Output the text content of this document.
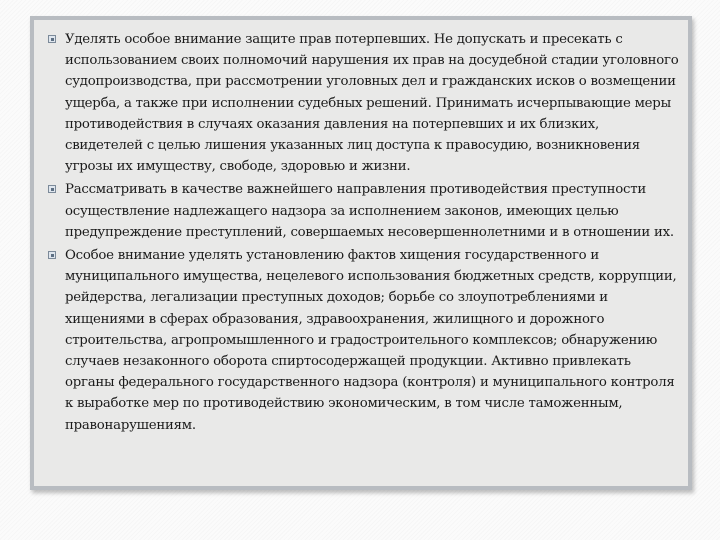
Уделять особое внимание защите прав потерпевших. Не допускать и пресекать с использованием своих полномочий нарушения их прав на досудебной стадии уголовного судопроизводства, при рассмотрении уголовных дел и гражданских исков о возмещении ущерба, а также при исполнении судебных решений. Принимать исчерпывающие меры противодействия в случаях оказания давления на потерпевших и их близких, свидетелей с целью лишения указанных лиц доступа к правосудию, возникновения угрозы их имуществу, свободе, здоровью и жизни.
Рассматривать в качестве важнейшего направления противодействия преступности осуществление надлежащего надзора за исполнением законов, имеющих целью предупреждение преступлений, совершаемых несовершеннолетними и в отношении их.
Особое внимание уделять установлению фактов хищения государственного и муниципального имущества, нецелевого использования бюджетных средств, коррупции, рейдерства, легализации преступных доходов; борьбе со злоупотреблениями и хищениями в сферах образования, здравоохранения, жилищного и дорожного строительства, агропромышленного и градостроительного комплексов; обнаружению случаев незаконного оборота спиртосодержащей продукции. Активно привлекать органы федерального государственного надзора (контроля) и муниципального контроля к выработке мер по противодействию экономическим, в том числе таможенным, правонарушениям.
